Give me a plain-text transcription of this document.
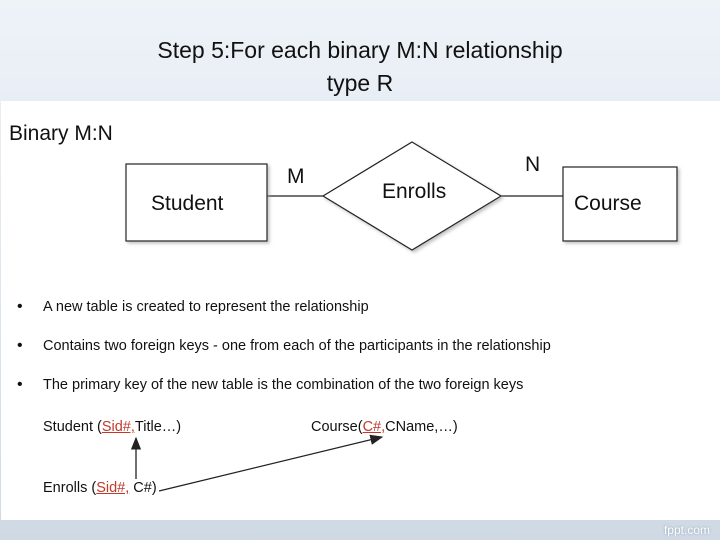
Step 5:For each binary M:N relationship
type R
Binary M:N
Student
Enrolls
Course
M
N
• A new table is created to represent the relationship
• Contains two foreign keys - one from each of the participants in the relationship
• The primary key of the new table is the combination of the two foreign keys
Student (Sid#,Title…)	Course(C#,CName,…)
Enrolls (Sid#, C#)
fppt.com
